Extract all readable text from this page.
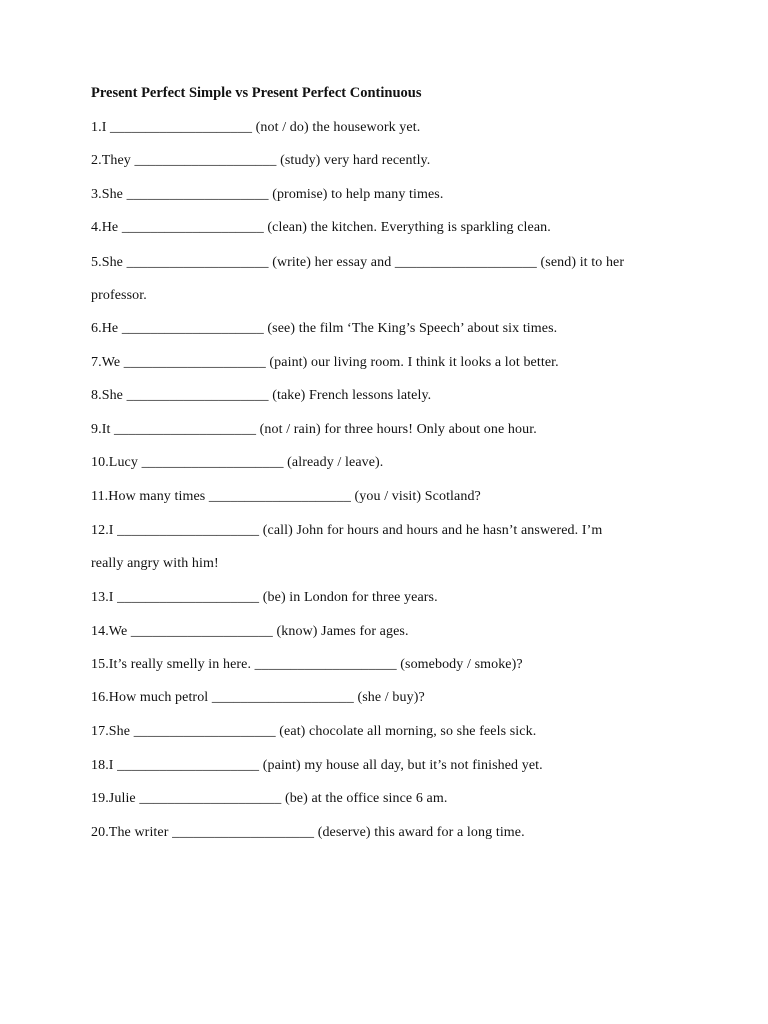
Present Perfect Simple vs Present Perfect Continuous
1.I ____________________ (not / do) the housework yet.
2.They ____________________ (study) very hard recently.
3.She ____________________ (promise) to help many times.
4.He ____________________ (clean) the kitchen. Everything is sparkling clean.
5.She ____________________ (write) her essay and ____________________ (send) it to her
professor.
6.He ____________________ (see) the film ‘The King’s Speech’ about six times.
7.We ____________________ (paint) our living room. I think it looks a lot better.
8.She ____________________ (take) French lessons lately.
9.It ____________________ (not / rain) for three hours! Only about one hour.
10.Lucy ____________________ (already / leave).
11.How many times ____________________ (you / visit) Scotland?
12.I ____________________ (call) John for hours and hours and he hasn’t answered. I’m
really angry with him!
13.I ____________________ (be) in London for three years.
14.We ____________________ (know) James for ages.
15.It’s really smelly in here. ____________________ (somebody / smoke)?
16.How much petrol ____________________ (she / buy)?
17.She ____________________ (eat) chocolate all morning, so she feels sick.
18.I ____________________ (paint) my house all day, but it’s not finished yet.
19.Julie ____________________ (be) at the office since 6 am.
20.The writer ____________________ (deserve) this award for a long time.
